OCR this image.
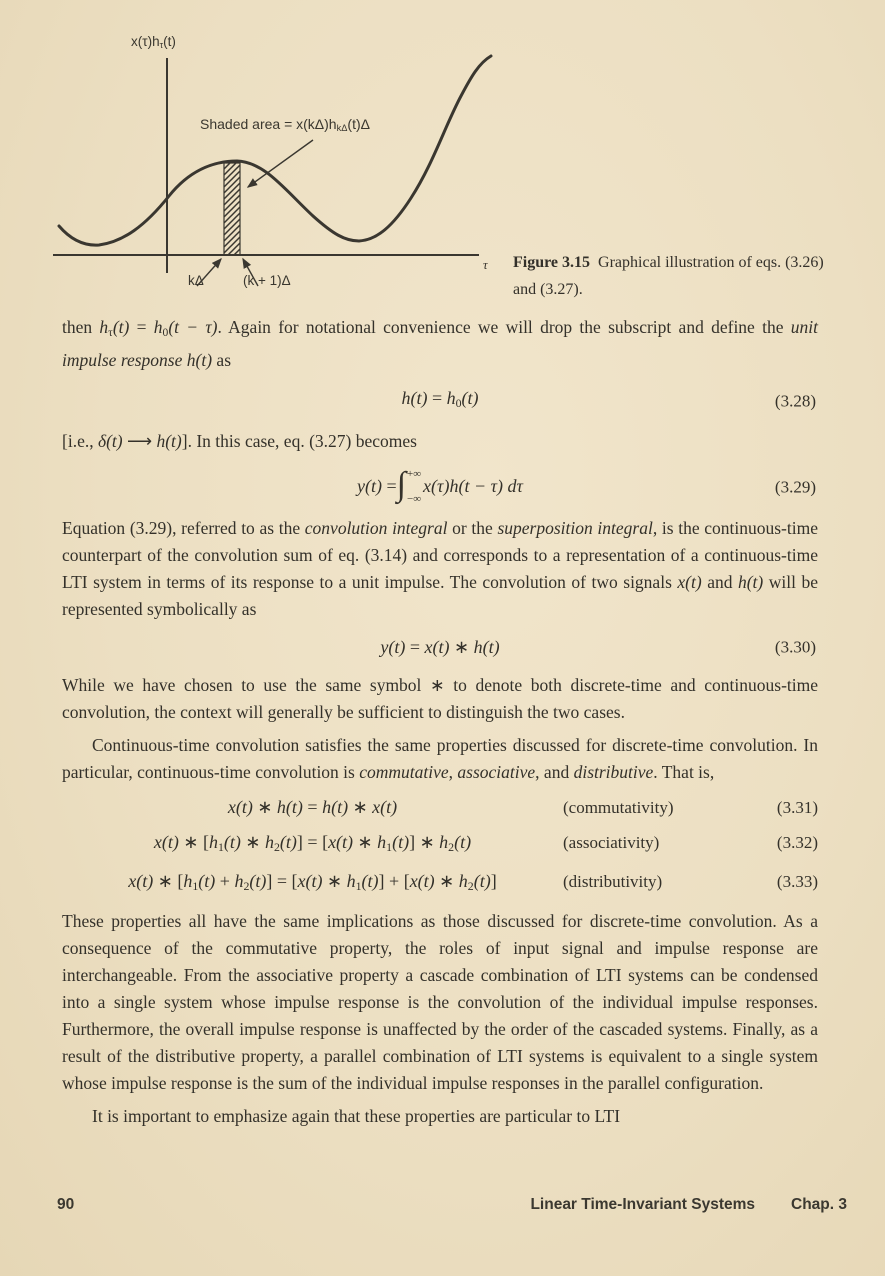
$x(\tau)h_\tau(t)$
Shaded area = $x(k\Delta)h_{k\Delta}(t)\Delta$
kΔ	(k + 1)Δ
τ Figure 3.15 Graphical illustration of eqs. (3.26) and (3.27).

then $h_\tau(t) = h_0(t - \tau)$. Again for notational convenience we will drop the subscript and define the unit impulse response h(t) as

$h(t) = h_0(t)$	(3.28)

[i.e., δ(t) ⟶ h(t)]. In this case, eq. (3.27) becomes

y(t) = ∫ +∞
−∞
x(τ)h(t − τ) dτ	(3.29)

Equation (3.29), referred to as the convolution integral or the superposition integral, is the continuous-time counterpart of the convolution sum of eq. (3.14) and corresponds to a representation of a continuous-time LTI system in terms of its response to a unit impulse. The convolution of two signals x(t) and h(t) will be represented symbolically as

y(t) = x(t) ∗ h(t)	(3.30)

While we have chosen to use the same symbol ∗ to denote both discrete-time and continuous-time convolution, the context will generally be sufficient to distinguish the two cases.

Continuous-time convolution satisfies the same properties discussed for discrete-time convolution. In particular, continuous-time convolution is commutative, associative, and distributive. That is,

x(t) ∗ h(t) = h(t) ∗ x(t)	(commutativity)	(3.31)
x(t) ∗ [$h_1(t)$ ∗ $h_2(t)] = [x(t)$ ∗ $h_1(t)$] ∗ $h_2(t)$	(associativity)	(3.32)
x(t) ∗ $[h_1(t) + h_2(t)] = [x(t)$ ∗ $h_1(t)] + [x(t)$ ∗ $h_2(t)$]	(distributivity)	(3.33)

These properties all have the same implications as those discussed for discrete-time convolution. As a consequence of the commutative property, the roles of input signal and impulse response are interchangeable. From the associative property a cascade combination of LTI systems can be condensed into a single system whose impulse response is the convolution of the individual impulse responses. Furthermore, the overall impulse response is unaffected by the order of the cascaded systems. Finally, as a result of the distributive property, a parallel combination of LTI systems is equivalent to a single system whose impulse response is the sum of the individual impulse responses in the parallel configuration.

It is important to emphasize again that these properties are particular to LTI

90	Linear Time-Invariant Systems Chap. 3
